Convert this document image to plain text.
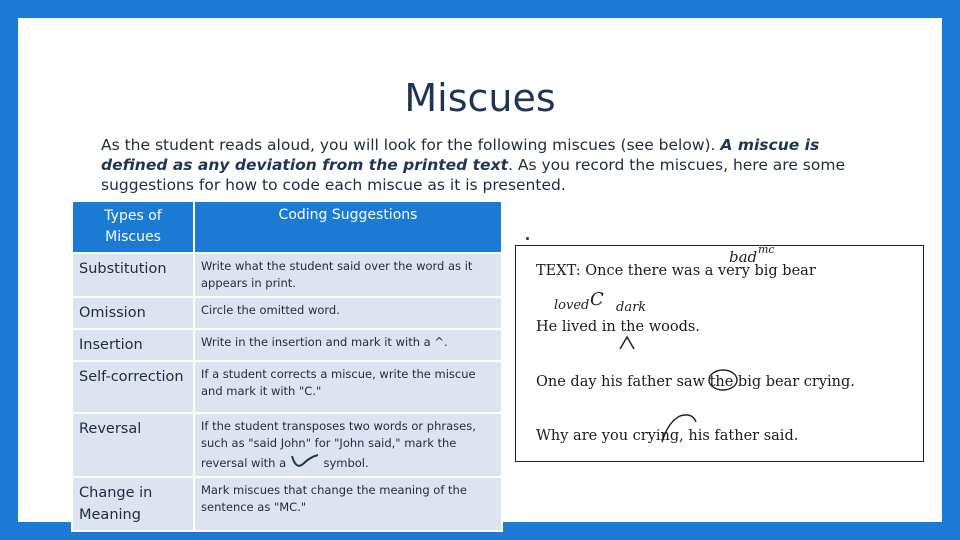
Miscues
As the student reads aloud, you will look for the following miscues (see below). A miscue is defined as any deviation from the printed text. As you record the miscues, here are some suggestions for how to code each miscue as it is presented.
Types of Miscues	Coding Suggestions
Substitution	Write what the student said over the word as it appears in print.
Omission	Circle the omitted word.
Insertion	Write in the insertion and mark it with a ^.
Self-correction	If a student corrects a miscue, write the miscue and mark it with "C."
Reversal	If the student transposes two words or phrases, such as "said John" for "John said," mark the reversal with a symbol.
Change in Meaning	Mark miscues that change the meaning of the sentence as "MC."
TEXT: Once there was a very big bear
bad mc
loved C dark
He lived in the woods.
One day his father saw the big bear crying.
Why are you crying, his father said.
